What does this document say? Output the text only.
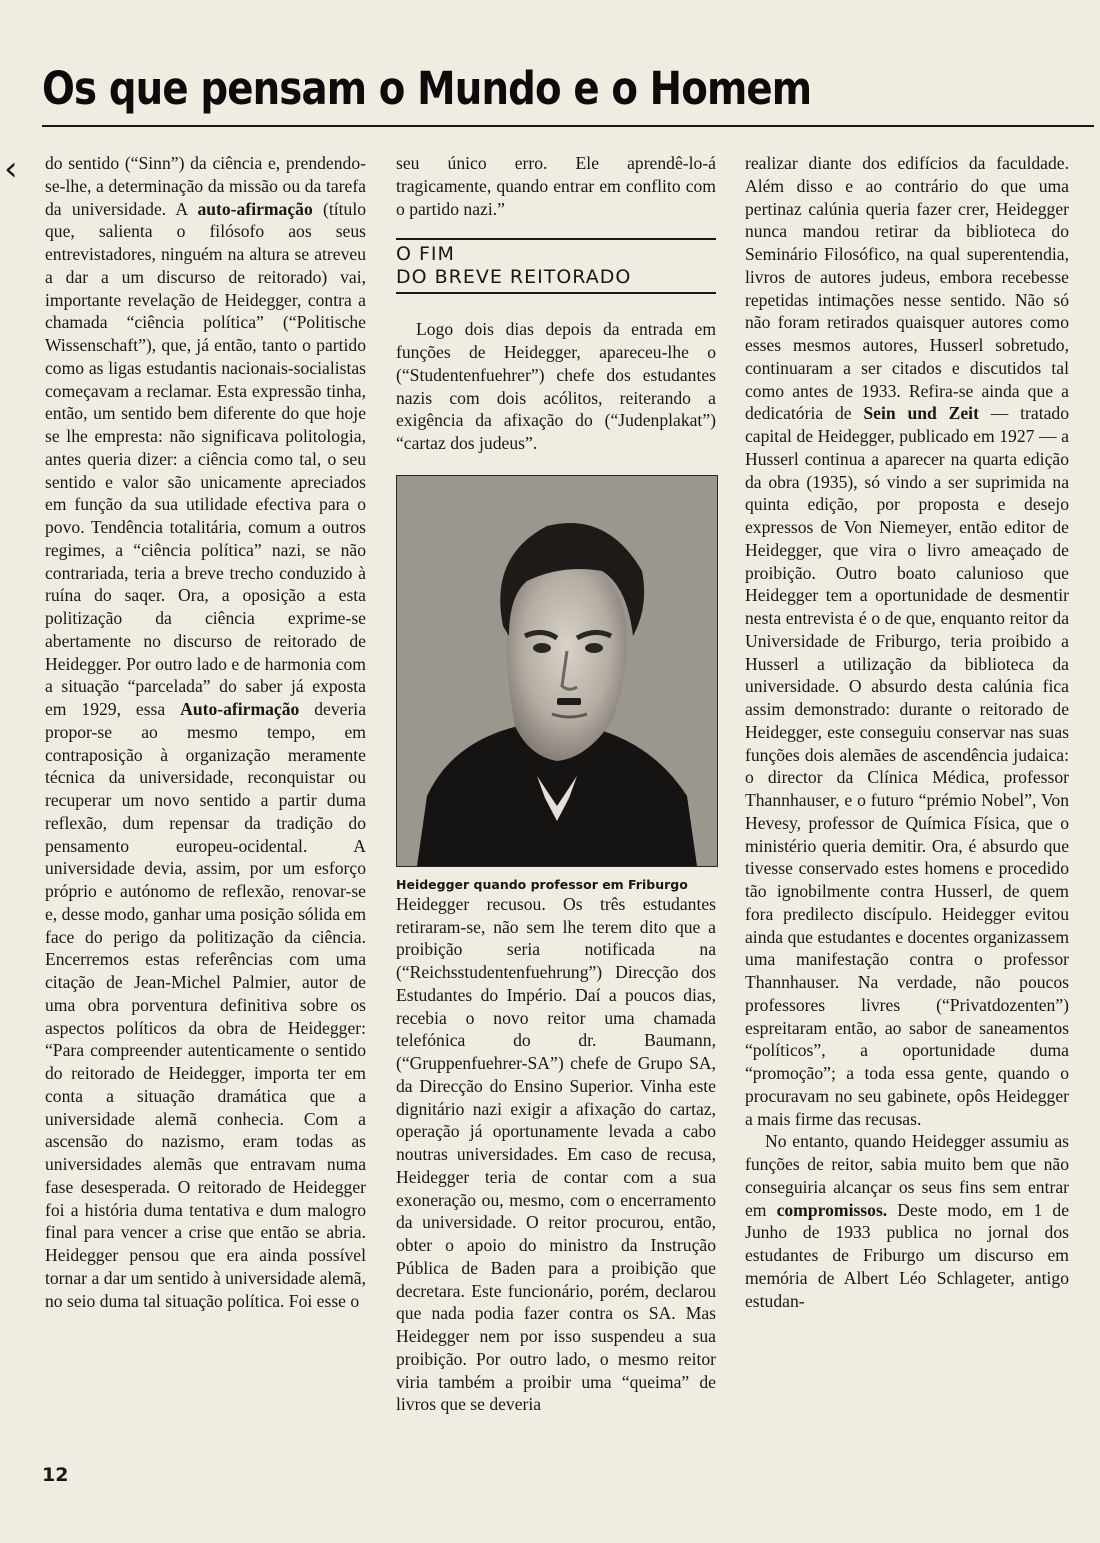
Os que pensam o Mundo e o Homem
‹ do sentido (“Sinn”) da ciência e, prendendo-se-lhe, a determinação da missão ou da tarefa da universidade. A auto-afirmação (título que, salienta o filósofo aos seus entrevistadores, ninguém na altura se atreveu a dar a um discurso de reitorado) vai, importante revelação de Heidegger, contra a chamada “ciência política” (“Politische Wissenschaft”), que, já então, tanto o partido como as ligas estudantis nacionais-socialistas começavam a reclamar. Esta expressão tinha, então, um sentido bem diferente do que hoje se lhe empresta: não significava politologia, antes queria dizer: a ciência como tal, o seu sentido e valor são unicamente apreciados em função da sua utilidade efectiva para o povo. Tendência totalitária, comum a outros regimes, a “ciência política” nazi, se não contrariada, teria a breve trecho conduzido à ruína do saqer. Ora, a oposição a esta politização da ciência exprime-se abertamente no discurso de reitorado de Heidegger. Por outro lado e de harmonia com a situação “parcelada” do saber já exposta em 1929, essa Auto-afirmação deveria propor-se ao mesmo tempo, em contraposição à organização meramente técnica da universidade, reconquistar ou recuperar um novo sentido a partir duma reflexão, dum repensar da tradição do pensamento europeu-ocidental. A universidade devia, assim, por um esforço próprio e autónomo de reflexão, renovar-se e, desse modo, ganhar uma posição sólida em face do perigo da politização da ciência. Encerremos estas referências com uma citação de Jean-Michel Palmier, autor de uma obra porventura definitiva sobre os aspectos políticos da obra de Heidegger: “Para compreender autenticamente o sentido do reitorado de Heidegger, importa ter em conta a situação dramática que a universidade alemã conhecia. Com a ascensão do nazismo, eram todas as universidades alemãs que entravam numa fase desesperada. O reitorado de Heidegger foi a história duma tentativa e dum malogro final para vencer a crise que então se abria. Heidegger pensou que era ainda possível tornar a dar um sentido à universidade alemã, no seio duma tal situação política. Foi esse o

seu único erro. Ele aprendê-lo-á tragicamente, quando entrar em conflito com o partido nazi.”

O FIM
DO BREVE REITORADO

Logo dois dias depois da entrada em funções de Heidegger, apareceu-lhe o (“Studentenfuehrer”) chefe dos estudantes nazis com dois acólitos, reiterando a exigência da afixação do (“Judenplakat”) “cartaz dos judeus”.

Heidegger quando professor em Friburgo

Heidegger recusou. Os três estudantes retiraram-se, não sem lhe terem dito que a proibição seria notificada na (“Reichsstudentenfuehrung”) Direcção dos Estudantes do Império. Daí a poucos dias, recebia o novo reitor uma chamada telefónica do dr. Baumann, (“Gruppenfuehrer-SA”) chefe de Grupo SA, da Direcção do Ensino Superior. Vinha este dignitário nazi exigir a afixação do cartaz, operação já oportunamente levada a cabo noutras universidades. Em caso de recusa, Heidegger teria de contar com a sua exoneração ou, mesmo, com o encerramento da universidade. O reitor procurou, então, obter o apoio do ministro da Instrução Pública de Baden para a proibição que decretara. Este funcionário, porém, declarou que nada podia fazer contra os SA. Mas Heidegger nem por isso suspendeu a sua proibição. Por outro lado, o mesmo reitor viria também a proibir uma “queima” de livros que se deveria

realizar diante dos edifícios da faculdade. Além disso e ao contrário do que uma pertinaz calúnia queria fazer crer, Heidegger nunca mandou retirar da biblioteca do Seminário Filosófico, na qual superentendia, livros de autores judeus, embora recebesse repetidas intimações nesse sentido. Não só não foram retirados quaisquer autores como esses mesmos autores, Husserl sobretudo, continuaram a ser citados e discutidos tal como antes de 1933. Refira-se ainda que a dedicatória de Sein und Zeit — tratado capital de Heidegger, publicado em 1927 — a Husserl continua a aparecer na quarta edição da obra (1935), só vindo a ser suprimida na quinta edição, por proposta e desejo expressos de Von Niemeyer, então editor de Heidegger, que vira o livro ameaçado de proibição. Outro boato calunioso que Heidegger tem a oportunidade de desmentir nesta entrevista é o de que, enquanto reitor da Universidade de Friburgo, teria proibido a Husserl a utilização da biblioteca da universidade. O absurdo desta calúnia fica assim demonstrado: durante o reitorado de Heidegger, este conseguiu conservar nas suas funções dois alemães de ascendência judaica: o director da Clínica Médica, professor Thannhauser, e o futuro “prémio Nobel”, Von Hevesy, professor de Química Física, que o ministério queria demitir. Ora, é absurdo que tivesse conservado estes homens e procedido tão ignobilmente contra Husserl, de quem fora predilecto discípulo. Heidegger evitou ainda que estudantes e docentes organizassem uma manifestação contra o professor Thannhauser. Na verdade, não poucos professores livres (“Privatdozenten”) espreitaram então, ao sabor de saneamentos “políticos”, a oportunidade duma “promoção”; a toda essa gente, quando o procuravam no seu gabinete, opôs Heidegger a mais firme das recusas.

No entanto, quando Heidegger assumiu as funções de reitor, sabia muito bem que não conseguiria alcançar os seus fins sem entrar em compromissos. Deste modo, em 1 de Junho de 1933 publica no jornal dos estudantes de Friburgo um discurso em memória de Albert Léo Schlageter, antigo estudan-

12
